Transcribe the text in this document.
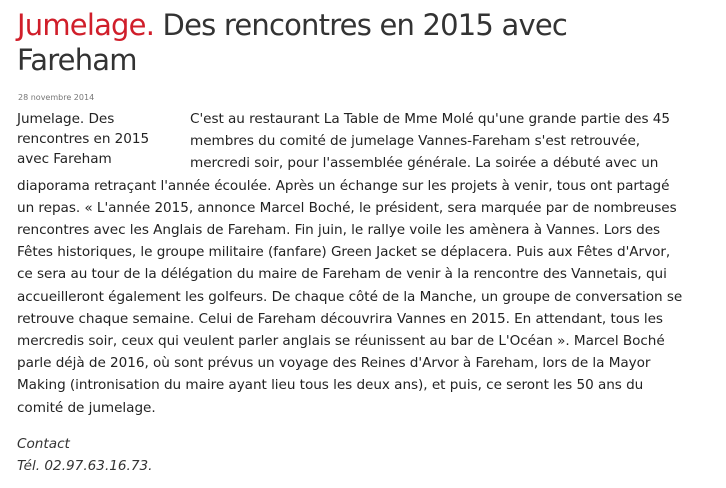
Jumelage. Des rencontres en 2015 avec Fareham
28 novembre 2014
Jumelage. Des rencontres en 2015 avec Fareham

C'est au restaurant La Table de Mme Molé qu'une grande partie des 45 membres du comité de jumelage Vannes-Fareham s'est retrouvée, mercredi soir, pour l'assemblée générale. La soirée a débuté avec un diaporama retraçant l'année écoulée. Après un échange sur les projets à venir, tous ont partagé un repas. « L'année 2015, annonce Marcel Boché, le président, sera marquée par de nombreuses rencontres avec les Anglais de Fareham. Fin juin, le rallye voile les amènera à Vannes. Lors des Fêtes historiques, le groupe militaire (fanfare) Green Jacket se déplacera. Puis aux Fêtes d'Arvor, ce sera au tour de la délégation du maire de Fareham de venir à la rencontre des Vannetais, qui accueilleront également les golfeurs. De chaque côté de la Manche, un groupe de conversation se retrouve chaque semaine. Celui de Fareham découvrira Vannes en 2015. En attendant, tous les mercredis soir, ceux qui veulent parler anglais se réunissent au bar de L'Océan ». Marcel Boché parle déjà de 2016, où sont prévus un voyage des Reines d'Arvor à Fareham, lors de la Mayor Making (intronisation du maire ayant lieu tous les deux ans), et puis, ce seront les 50 ans du comité de jumelage.

Contact
Tél. 02.97.63.16.73.
